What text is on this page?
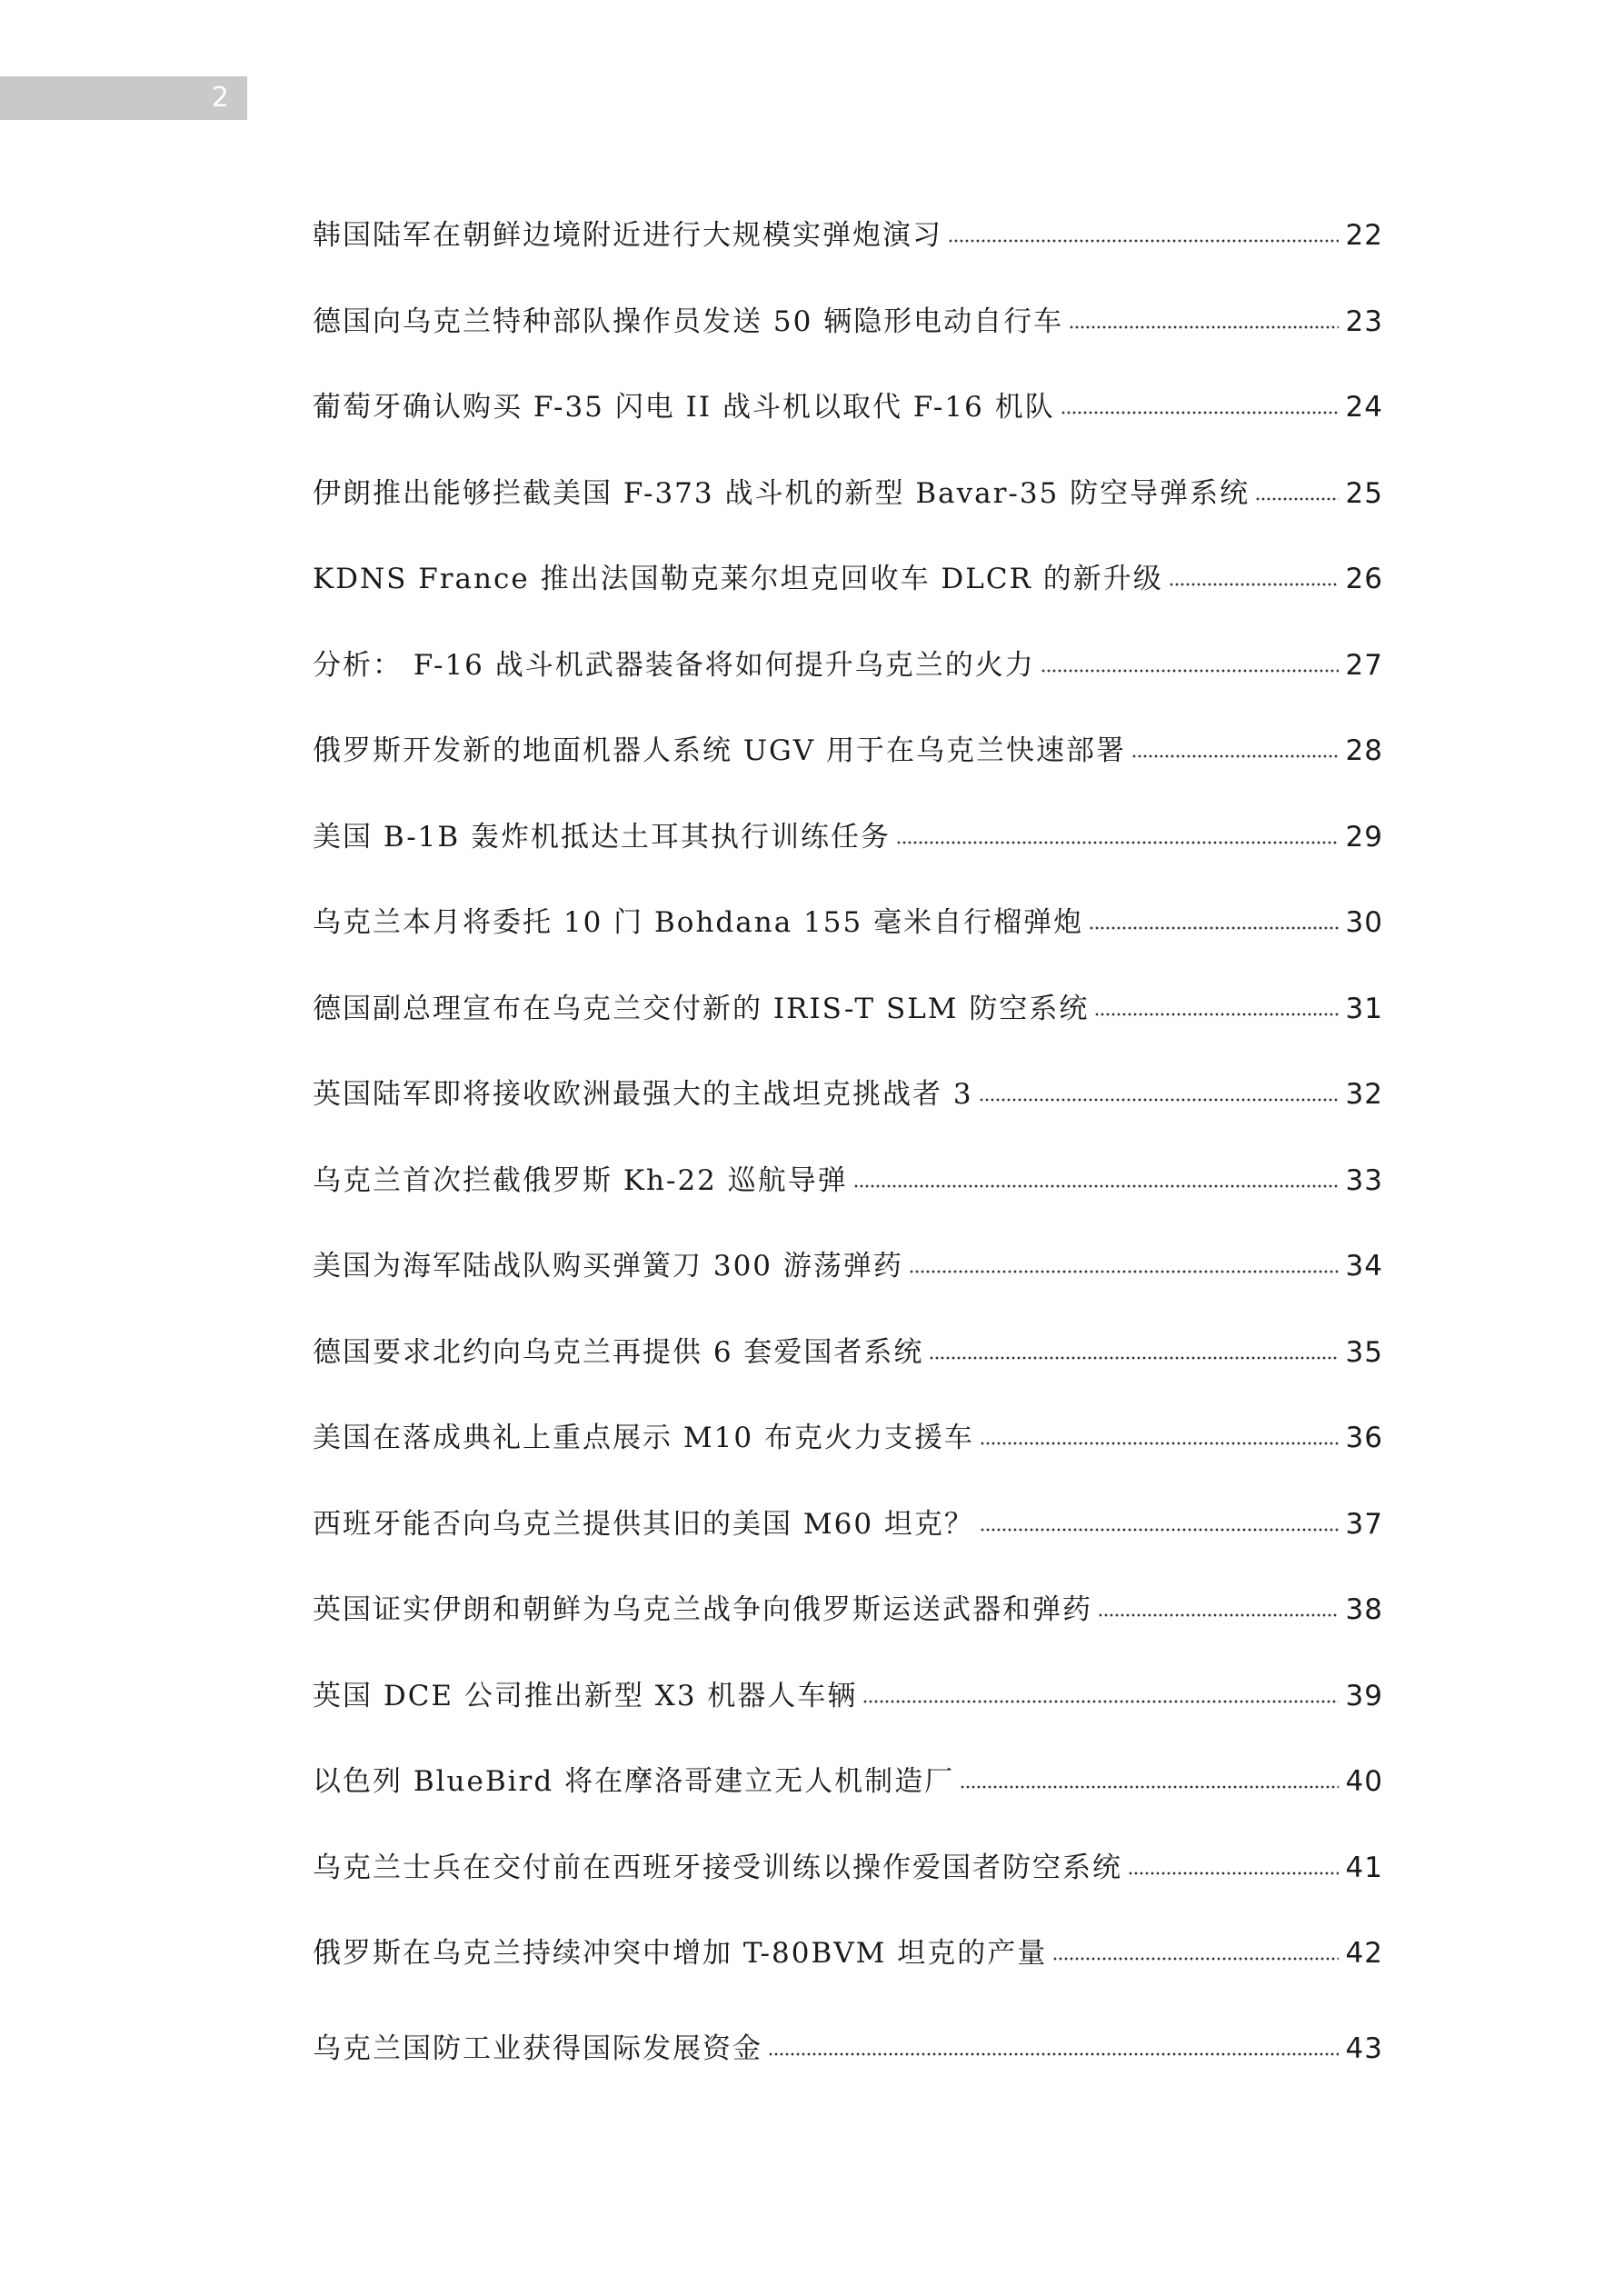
2
韩国陆军在朝鲜边境附近进行大规模实弹炮演习	22
德国向乌克兰特种部队操作员发送 50 辆隐形电动自行车	23
葡萄牙确认购买 F-35 闪电 II 战斗机以取代 F-16 机队	24
伊朗推出能够拦截美国 F-373 战斗机的新型 Bavar-35 防空导弹系统	25
KDNS France 推出法国勒克莱尔坦克回收车 DLCR 的新升级	26
分析： F-16 战斗机武器装备将如何提升乌克兰的火力	27
俄罗斯开发新的地面机器人系统 UGV 用于在乌克兰快速部署	28
美国 B-1B 轰炸机抵达土耳其执行训练任务	29
乌克兰本月将委托 10 门 Bohdana 155 毫米自行榴弹炮	30
德国副总理宣布在乌克兰交付新的 IRIS-T SLM 防空系统	31
英国陆军即将接收欧洲最强大的主战坦克挑战者 3	32
乌克兰首次拦截俄罗斯 Kh-22 巡航导弹	33
美国为海军陆战队购买弹簧刀 300 游荡弹药	34
德国要求北约向乌克兰再提供 6 套爱国者系统	35
美国在落成典礼上重点展示 M10 布克火力支援车	36
西班牙能否向乌克兰提供其旧的美国 M60 坦克？	37
英国证实伊朗和朝鲜为乌克兰战争向俄罗斯运送武器和弹药	38
英国 DCE 公司推出新型 X3 机器人车辆	39
以色列 BlueBird 将在摩洛哥建立无人机制造厂	40
乌克兰士兵在交付前在西班牙接受训练以操作爱国者防空系统	41
俄罗斯在乌克兰持续冲突中增加 T-80BVM 坦克的产量	42
乌克兰国防工业获得国际发展资金	43
